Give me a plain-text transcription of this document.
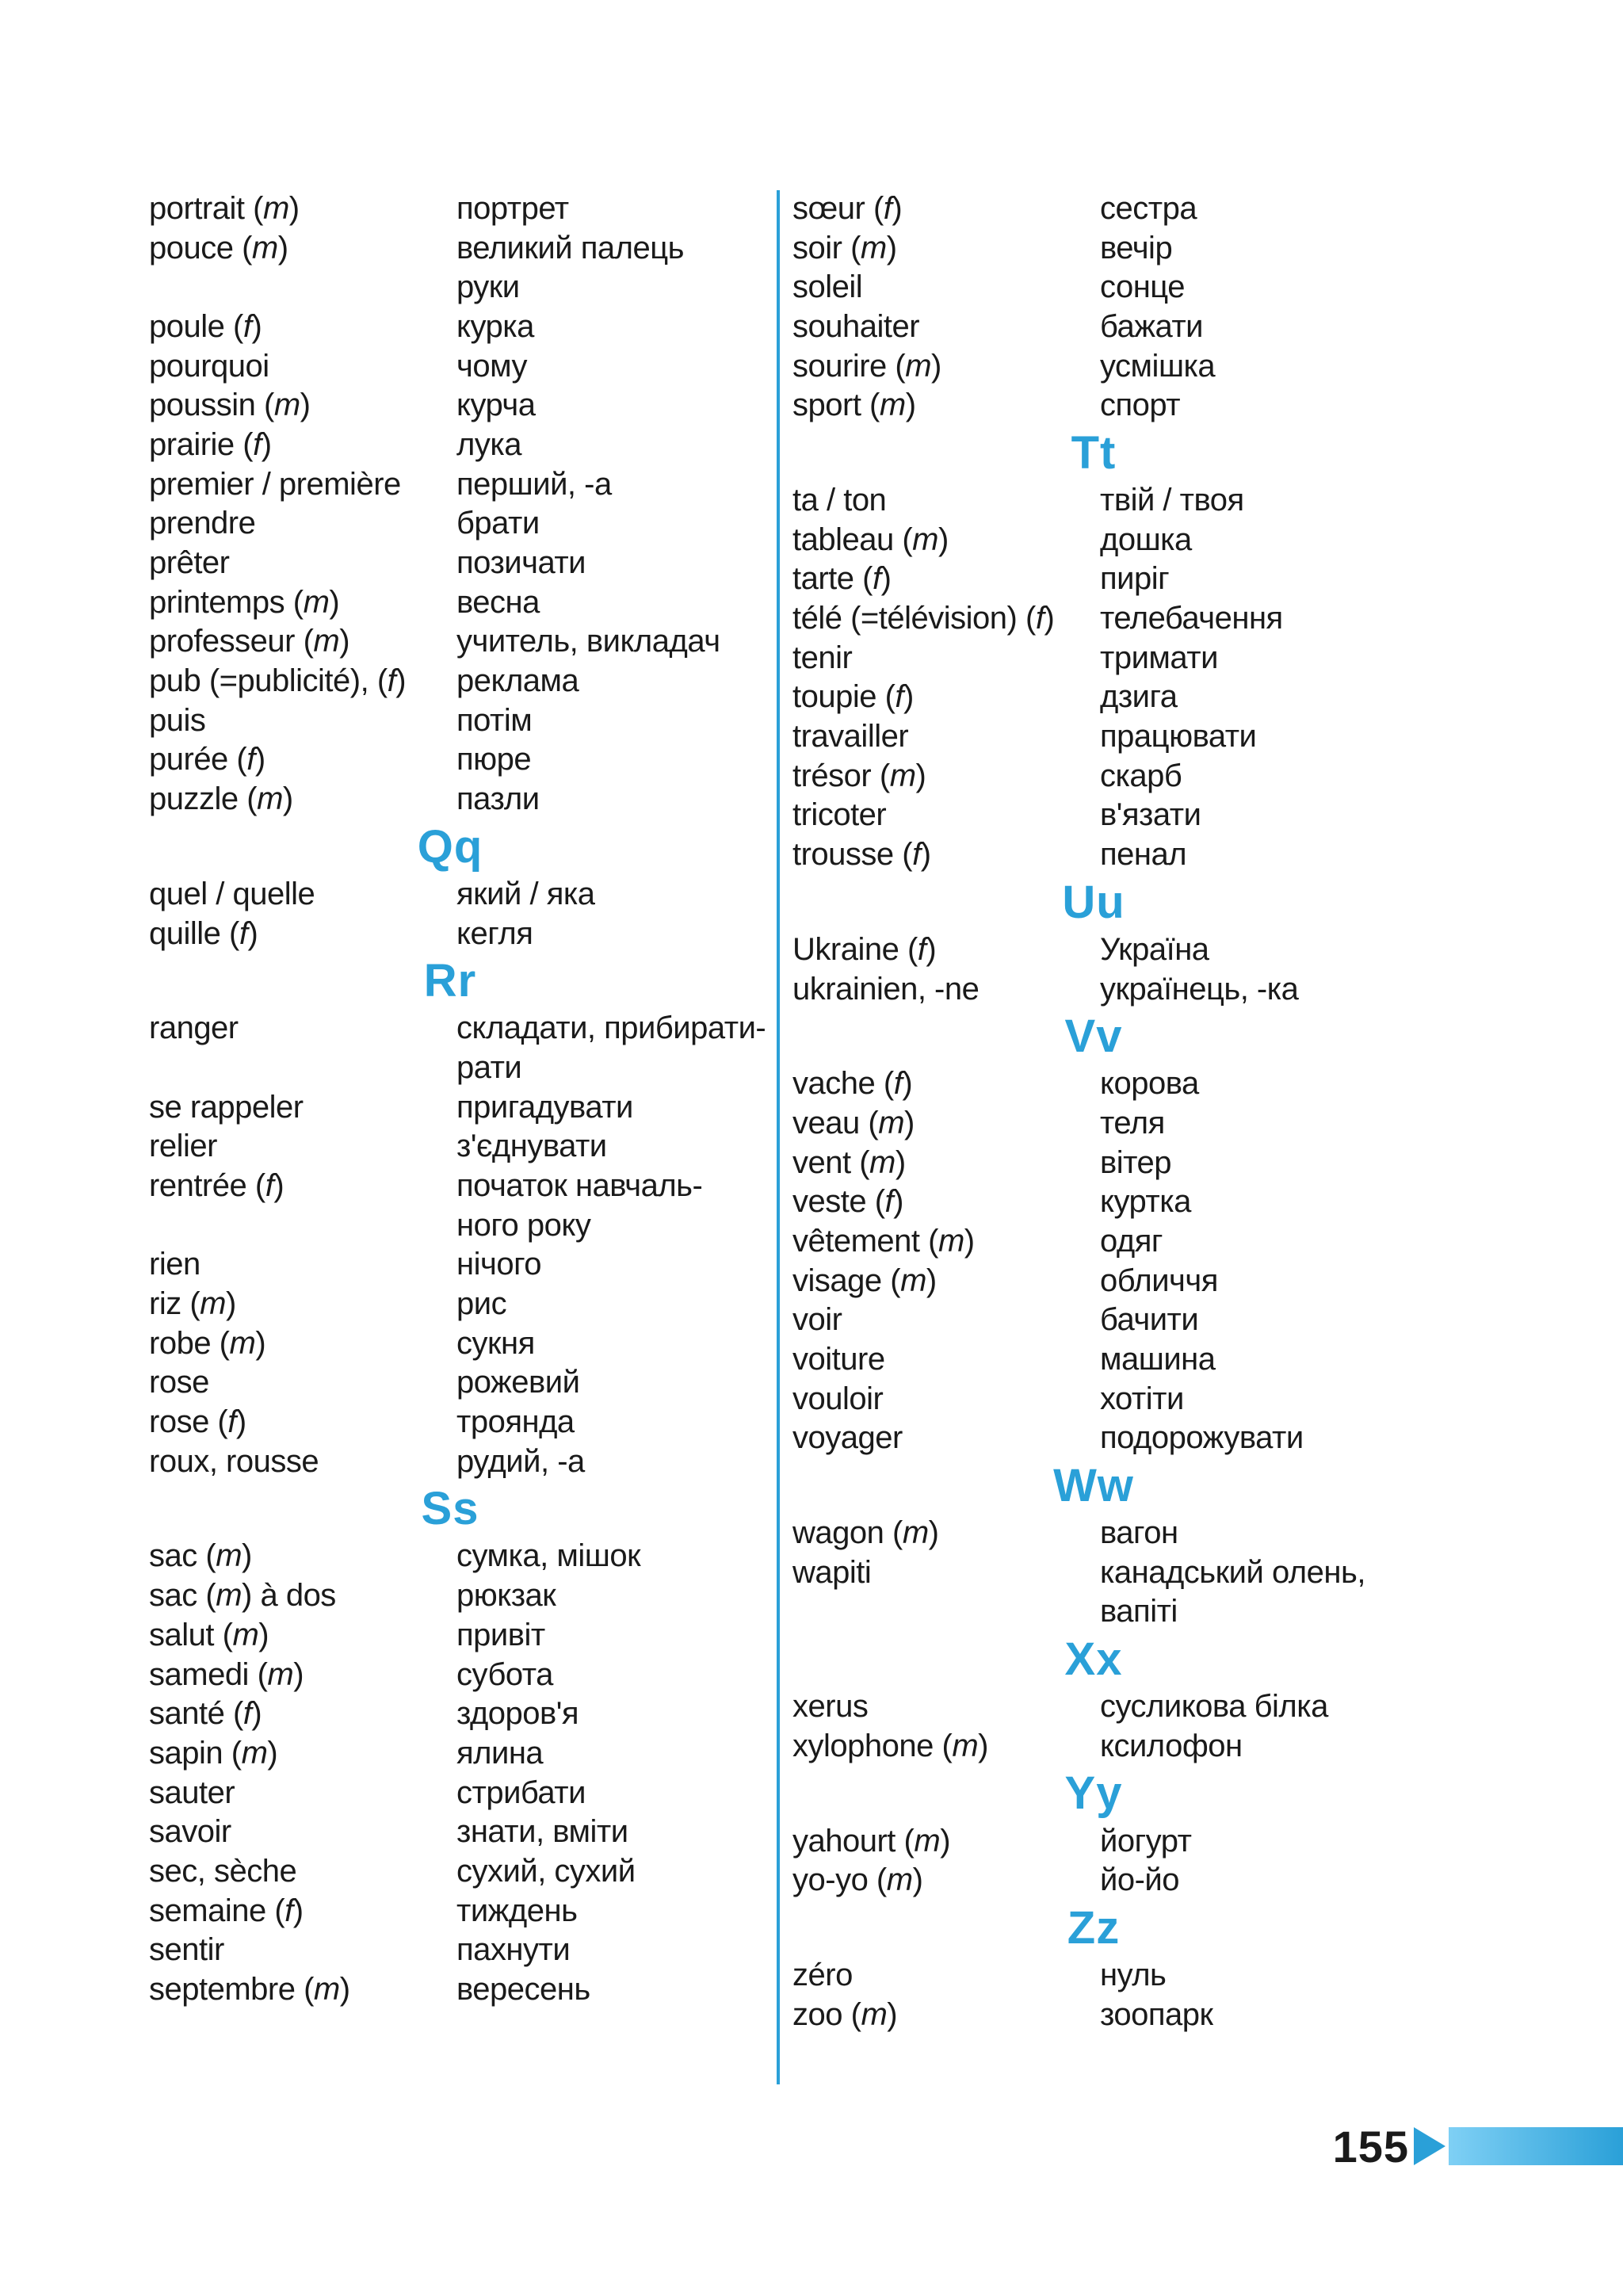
portrait (m)	портрет
pouce (m)	великий палець
руки
poule (f)	курка
pourquoi	чому
poussin (m)	курча
prairie (f)	лука
premier / première	перший, -а
prendre	брати
prêter	позичати
printemps (m)	весна
professeur (m)	учитель, викладач
pub (=publicité), (f)	реклама
puis	потім
purée (f)	пюре
puzzle (m)	пазли
Qq
quel / quelle	який / яка
quille (f)	кегля
Rr
ranger	складати, прибирати-
рати
se rappeler	пригадувати
relier	з'єднувати
rentrée (f)	початок навчаль-
ного року
rien	нічого
riz (m)	рис
robe (m)	сукня
rose	рожевий
rose (f)	троянда
roux, rousse	рудий, -а
Ss
sac (m)	сумка, мішок
sac (m) à dos	рюкзак
salut (m)	привіт
samedi (m)	субота
santé (f)	здоров'я
sapin (m)	ялина
sauter	стрибати
savoir	знати, вміти
sec, sèche	сухий, сухий
semaine (f)	тиждень
sentir	пахнути
septembre (m)	вересень
sœur (f)	сестра
soir (m)	вечір
soleil	сонце
souhaiter	бажати
sourire (m)	усмішка
sport (m)	спорт
Tt
ta / ton	твій / твоя
tableau (m)	дошка
tarte (f)	пиріг
télé (=télévision) (f)	телебачення
tenir	тримати
toupie (f)	дзига
travailler	працювати
trésor (m)	скарб
tricoter	в'язати
trousse (f)	пенал
Uu
Ukraine (f)	Україна
ukrainien, -ne	українець, -ка
Vv
vache (f)	корова
veau (m)	теля
vent (m)	вітер
veste (f)	куртка
vêtement (m)	одяг
visage (m)	обличчя
voir	бачити
voiture	машина
vouloir	хотіти
voyager	подорожувати
Ww
wagon (m)	вагон
wapiti	канадський олень,
вапіті
Xx
xerus	сусликова білка
xylophone (m)	ксилофон
Yy
yahourt (m)	йогурт
yo-yo (m)	йо-йо
Zz
zéro	нуль
zoo (m)	зоопарк
155
